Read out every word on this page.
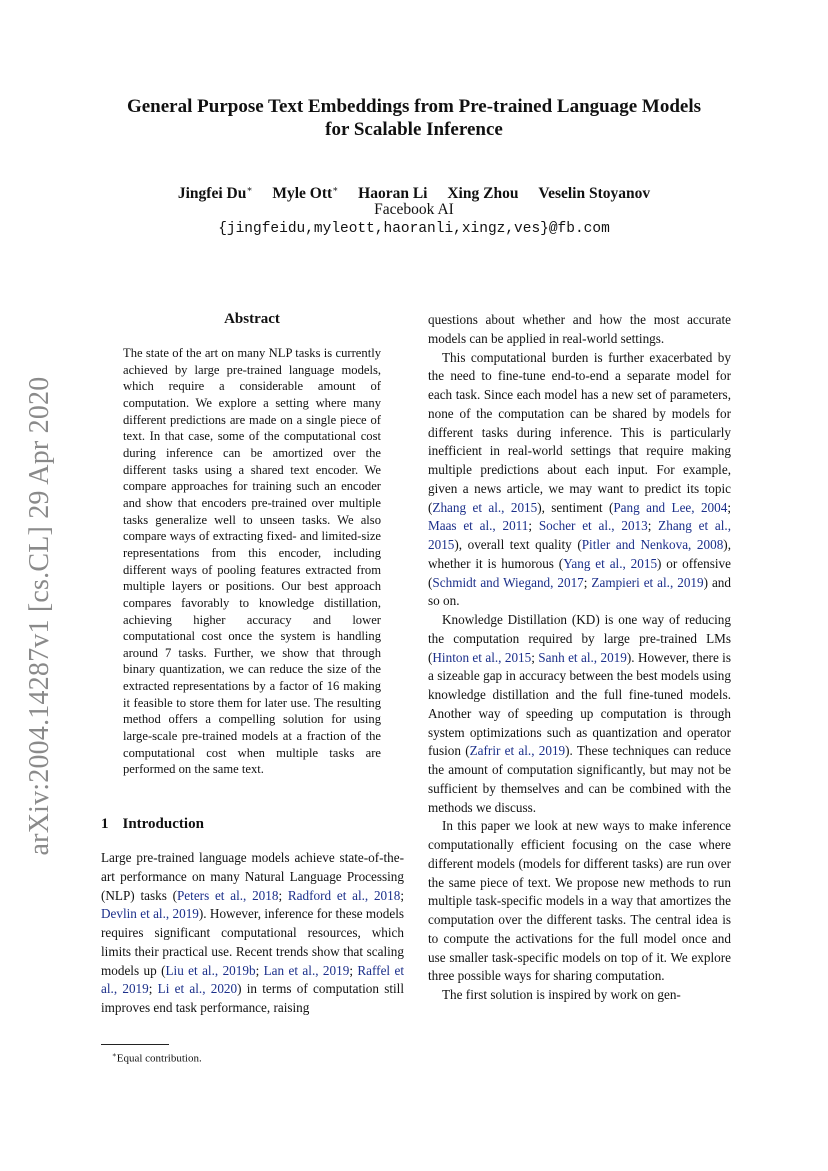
arXiv:2004.14287v1 [cs.CL] 29 Apr 2020
General Purpose Text Embeddings from Pre-trained Language Models
for Scalable Inference
Jingfei Du∗ Myle Ott∗ Haoran Li Xing Zhou Veselin Stoyanov
Facebook AI
{jingfeidu,myleott,haoranli,xingz,ves}@fb.com
Abstract

The state of the art on many NLP tasks is currently achieved by large pre-trained language models, which require a considerable amount of computation. We explore a setting where many different predictions are made on a single piece of text. In that case, some of the computational cost during inference can be amortized over the different tasks using a shared text encoder. We compare approaches for training such an encoder and show that encoders pre-trained over multiple tasks generalize well to unseen tasks. We also compare ways of extracting fixed- and limited-size representations from this encoder, including different ways of pooling features extracted from multiple layers or positions. Our best approach compares favorably to knowledge distillation, achieving higher accuracy and lower computational cost once the system is handling around 7 tasks. Further, we show that through binary quantization, we can reduce the size of the extracted representations by a factor of 16 making it feasible to store them for later use. The resulting method offers a compelling solution for using large-scale pre-trained models at a fraction of the computational cost when multiple tasks are performed on the same text.

1 Introduction

Large pre-trained language models achieve state-of-the-art performance on many Natural Language Processing (NLP) tasks (Peters et al., 2018; Radford et al., 2018; Devlin et al., 2019). However, inference for these models requires significant computational resources, which limits their practical use. Recent trends show that scaling models up (Liu et al., 2019b; Lan et al., 2019; Raffel et al., 2019; Li et al., 2020) in terms of computation still improves end task performance, raising

questions about whether and how the most accurate models can be applied in real-world settings.

This computational burden is further exacerbated by the need to fine-tune end-to-end a separate model for each task. Since each model has a new set of parameters, none of the computation can be shared by models for different tasks during inference. This is particularly inefficient in real-world settings that require making multiple predictions about each input. For example, given a news article, we may want to predict its topic (Zhang et al., 2015), sentiment (Pang and Lee, 2004; Maas et al., 2011; Socher et al., 2013; Zhang et al., 2015), overall text quality (Pitler and Nenkova, 2008), whether it is humorous (Yang et al., 2015) or offensive (Schmidt and Wiegand, 2017; Zampieri et al., 2019) and so on.

Knowledge Distillation (KD) is one way of reducing the computation required by large pre-trained LMs (Hinton et al., 2015; Sanh et al., 2019). However, there is a sizeable gap in accuracy between the best models using knowledge distillation and the full fine-tuned models. Another way of speeding up computation is through system optimizations such as quantization and operator fusion (Zafrir et al., 2019). These techniques can reduce the amount of computation significantly, but may not be sufficient by themselves and can be combined with the methods we discuss.

In this paper we look at new ways to make inference computationally efficient focusing on the case where different models (models for different tasks) are run over the same piece of text. We propose new methods to run multiple task-specific models in a way that amortizes the computation over the different tasks. The central idea is to compute the activations for the full model once and use smaller task-specific models on top of it. We explore three possible ways for sharing computation.

The first solution is inspired by work on gen-

∗Equal contribution.
